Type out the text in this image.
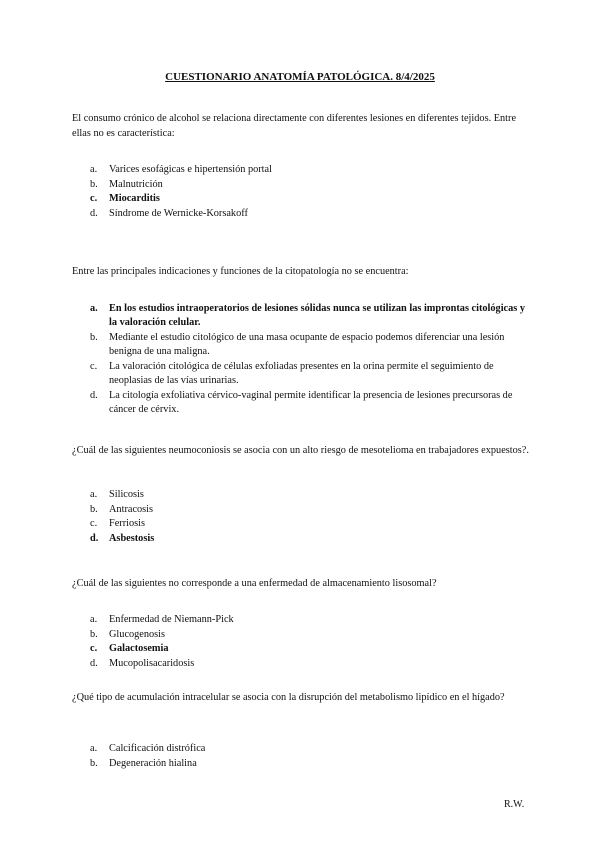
CUESTIONARIO ANATOMÍA PATOLÓGICA. 8/4/2025
El consumo crónico de alcohol se relaciona directamente con diferentes lesiones en diferentes tejidos. Entre ellas no es característica:
a. Varices esofágicas e hipertensión portal
b. Malnutrición
c. Miocarditis
d. Síndrome de Wernicke-Korsakoff
Entre las principales indicaciones y funciones de la citopatología no se encuentra:
a. En los estudios intraoperatorios de lesiones sólidas nunca se utilizan las improntas citológicas y la valoración celular.
b. Mediante el estudio citológico de una masa ocupante de espacio podemos diferenciar una lesión benigna de una maligna.
c. La valoración citológica de células exfoliadas presentes en la orina permite el seguimiento de neoplasias de las vías urinarias.
d. La citología exfoliativa cérvico-vaginal permite identificar la presencia de lesiones precursoras de cáncer de cérvix.
¿Cuál de las siguientes neumoconiosis se asocia con un alto riesgo de mesotelioma en trabajadores expuestos?.
a. Silicosis
b. Antracosis
c. Ferriosis
d. Asbestosis
¿Cuál de las siguientes no corresponde a una enfermedad de almacenamiento lisosomal?
a. Enfermedad de Niemann-Pick
b. Glucogenosis
c. Galactosemia
d. Mucopolisacaridosis
¿Qué tipo de acumulación intracelular se asocia con la disrupción del metabolismo lipídico en el hígado?
a. Calcificación distrófica
b. Degeneración hialina
R.W.
